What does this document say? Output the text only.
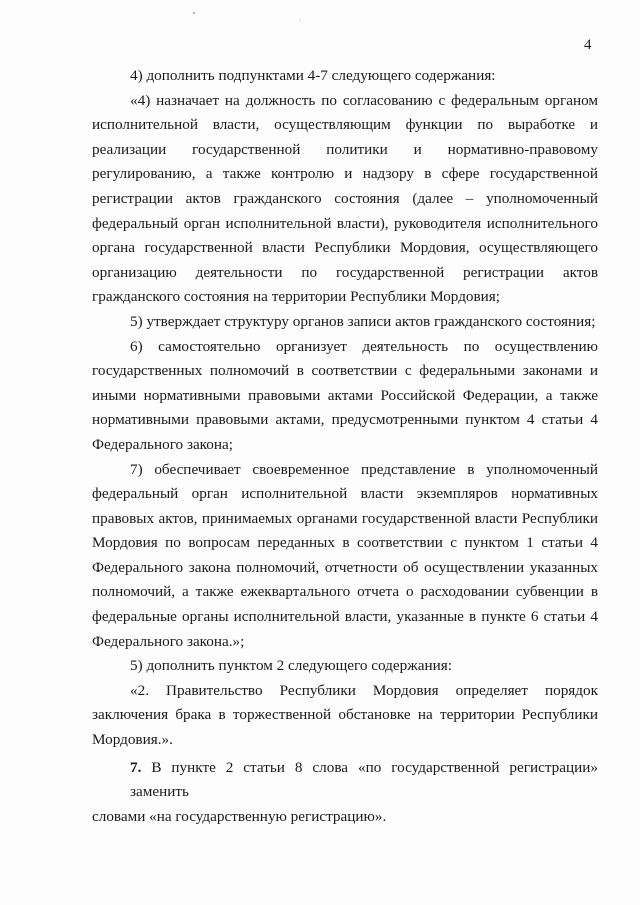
4

4) дополнить подпунктами 4-7 следующего содержания:

«4) назначает на должность по согласованию с федеральным органом
исполнительной власти, осуществляющим функции по выработке и
реализации государственной политики и нормативно-правовому
регулированию, а также контролю и надзору в сфере государственной
регистрации актов гражданского состояния (далее – уполномоченный
федеральный орган исполнительной власти), руководителя исполнительного
органа государственной власти Республики Мордовия, осуществляющего
организацию деятельности по государственной регистрации актов
гражданского состояния на территории Республики Мордовия;

5) утверждает структуру органов записи актов гражданского состояния;

6) самостоятельно организует деятельность по осуществлению
государственных полномочий в соответствии с федеральными законами и
иными нормативными правовыми актами Российской Федерации, а также
нормативными правовыми актами, предусмотренными пунктом 4 статьи 4
Федерального закона;

7) обеспечивает своевременное представление в уполномоченный
федеральный орган исполнительной власти экземпляров нормативных
правовых актов, принимаемых органами государственной власти Республики
Мордовия по вопросам переданных в соответствии с пунктом 1 статьи 4
Федерального закона полномочий, отчетности об осуществлении указанных
полномочий, а также ежеквартального отчета о расходовании субвенции в
федеральные органы исполнительной власти, указанные в пункте 6 статьи 4
Федерального закона.»;

5) дополнить пунктом 2 следующего содержания:

«2. Правительство Республики Мордовия определяет порядок
заключения брака в торжественной обстановке на территории Республики
Мордовия.».

7. В пункте 2 статьи 8 слова «по государственной регистрации» заменить
словами «на государственную регистрацию».
